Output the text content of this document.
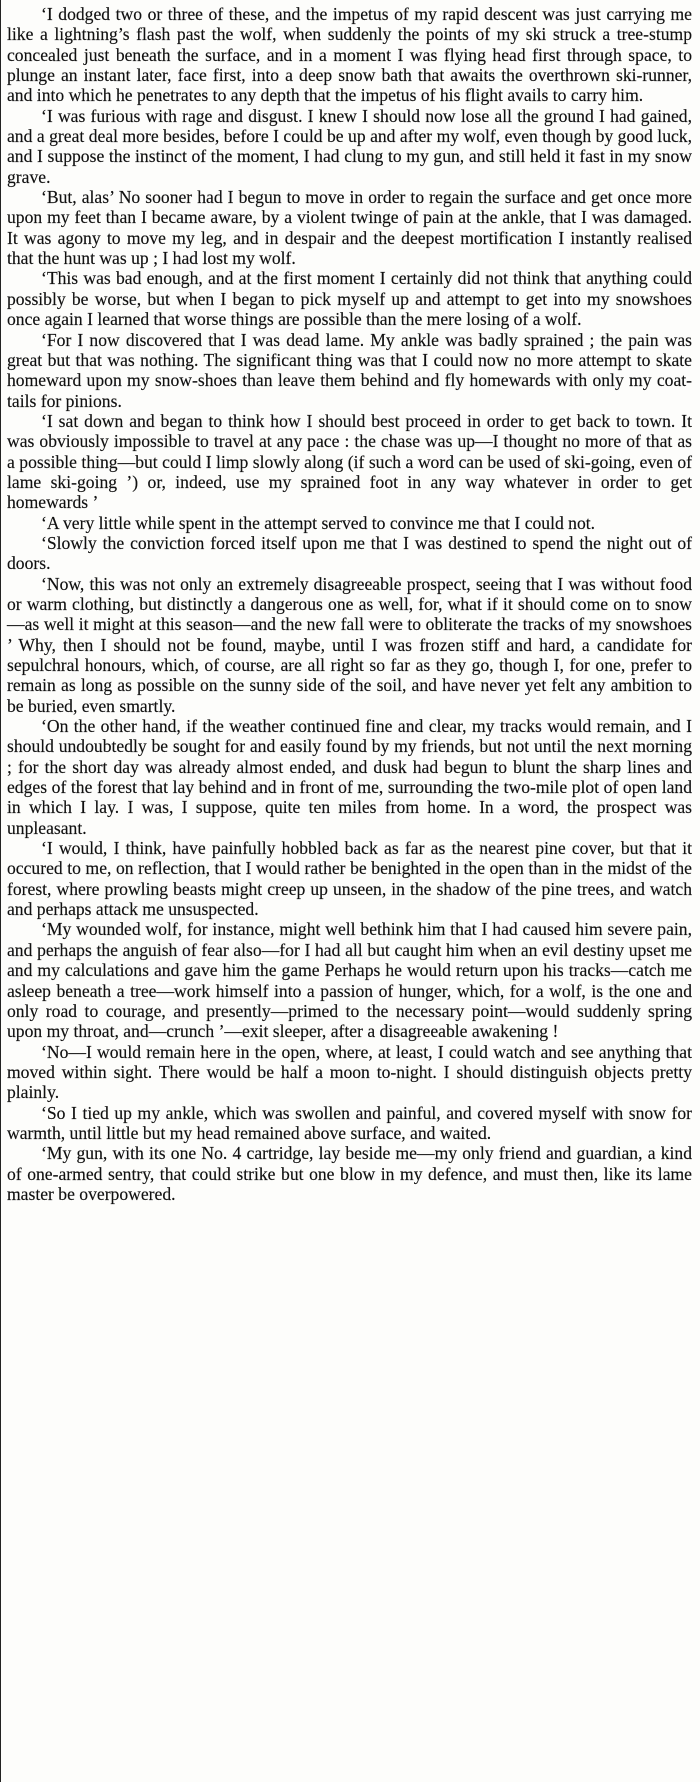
‘I dodged two or three of these, and the impetus of my rapid descent was just carrying me like a lightning’s flash past the wolf, when suddenly the points of my ski struck a tree-stump concealed just beneath the surface, and in a moment I was flying head first through space, to plunge an instant later, face first, into a deep snow bath that awaits the overthrown ski-runner, and into which he penetrates to any depth that the impetus of his flight avails to carry him.

‘I was furious with rage and disgust. I knew I should now lose all the ground I had gained, and a great deal more besides, before I could be up and after my wolf, even though by good luck, and I suppose the instinct of the moment, I had clung to my gun, and still held it fast in my snow grave.

‘But, alas’ No sooner had I begun to move in order to regain the surface and get once more upon my feet than I became aware, by a violent twinge of pain at the ankle, that I was damaged. It was agony to move my leg, and in despair and the deepest mortification I instantly realised that the hunt was up ; I had lost my wolf.

‘This was bad enough, and at the first moment I certainly did not think that anything could possibly be worse, but when I began to pick myself up and attempt to get into my snowshoes once again I learned that worse things are possible than the mere losing of a wolf.

‘For I now discovered that I was dead lame. My ankle was badly sprained ; the pain was great but that was nothing. The significant thing was that I could now no more attempt to skate homeward upon my snow-shoes than leave them behind and fly homewards with only my coat-tails for pinions.

‘I sat down and began to think how I should best proceed in order to get back to town. It was obviously impossible to travel at any pace : the chase was up—I thought no more of that as a possible thing—but could I limp slowly along (if such a word can be used of ski-going, even of lame ski-going ’) or, indeed, use my sprained foot in any way whatever in order to get homewards ’

‘A very little while spent in the attempt served to convince me that I could not.

‘Slowly the conviction forced itself upon me that I was destined to spend the night out of doors.

‘Now, this was not only an extremely disagreeable prospect, seeing that I was without food or warm clothing, but distinctly a dangerous one as well, for, what if it should come on to snow—as well it might at this season—and the new fall were to obliterate the tracks of my snowshoes ’ Why, then I should not be found, maybe, until I was frozen stiff and hard, a candidate for sepulchral honours, which, of course, are all right so far as they go, though I, for one, prefer to remain as long as possible on the sunny side of the soil, and have never yet felt any ambition to be buried, even smartly.

‘On the other hand, if the weather continued fine and clear, my tracks would remain, and I should undoubtedly be sought for and easily found by my friends, but not until the next morning ; for the short day was already almost ended, and dusk had begun to blunt the sharp lines and edges of the forest that lay behind and in front of me, surrounding the two-mile plot of open land in which I lay. I was, I suppose, quite ten miles from home. In a word, the prospect was unpleasant.

‘I would, I think, have painfully hobbled back as far as the nearest pine cover, but that it occured to me, on reflection, that I would rather be benighted in the open than in the midst of the forest, where prowling beasts might creep up unseen, in the shadow of the pine trees, and watch and perhaps attack me unsuspected.

‘My wounded wolf, for instance, might well bethink him that I had caused him severe pain, and perhaps the anguish of fear also—for I had all but caught him when an evil destiny upset me and my calculations and gave him the game Perhaps he would return upon his tracks—catch me asleep beneath a tree—work himself into a passion of hunger, which, for a wolf, is the one and only road to courage, and presently—primed to the necessary point—would suddenly spring upon my throat, and—crunch ’—exit sleeper, after a disagreeable awakening !

‘No—I would remain here in the open, where, at least, I could watch and see anything that moved within sight. There would be half a moon to-night. I should distinguish objects pretty plainly.

‘So I tied up my ankle, which was swollen and painful, and covered myself with snow for warmth, until little but my head remained above surface, and waited.

‘My gun, with its one No. 4 cartridge, lay beside me—my only friend and guardian, a kind of one-armed sentry, that could strike but one blow in my defence, and must then, like its lame master be overpowered.
